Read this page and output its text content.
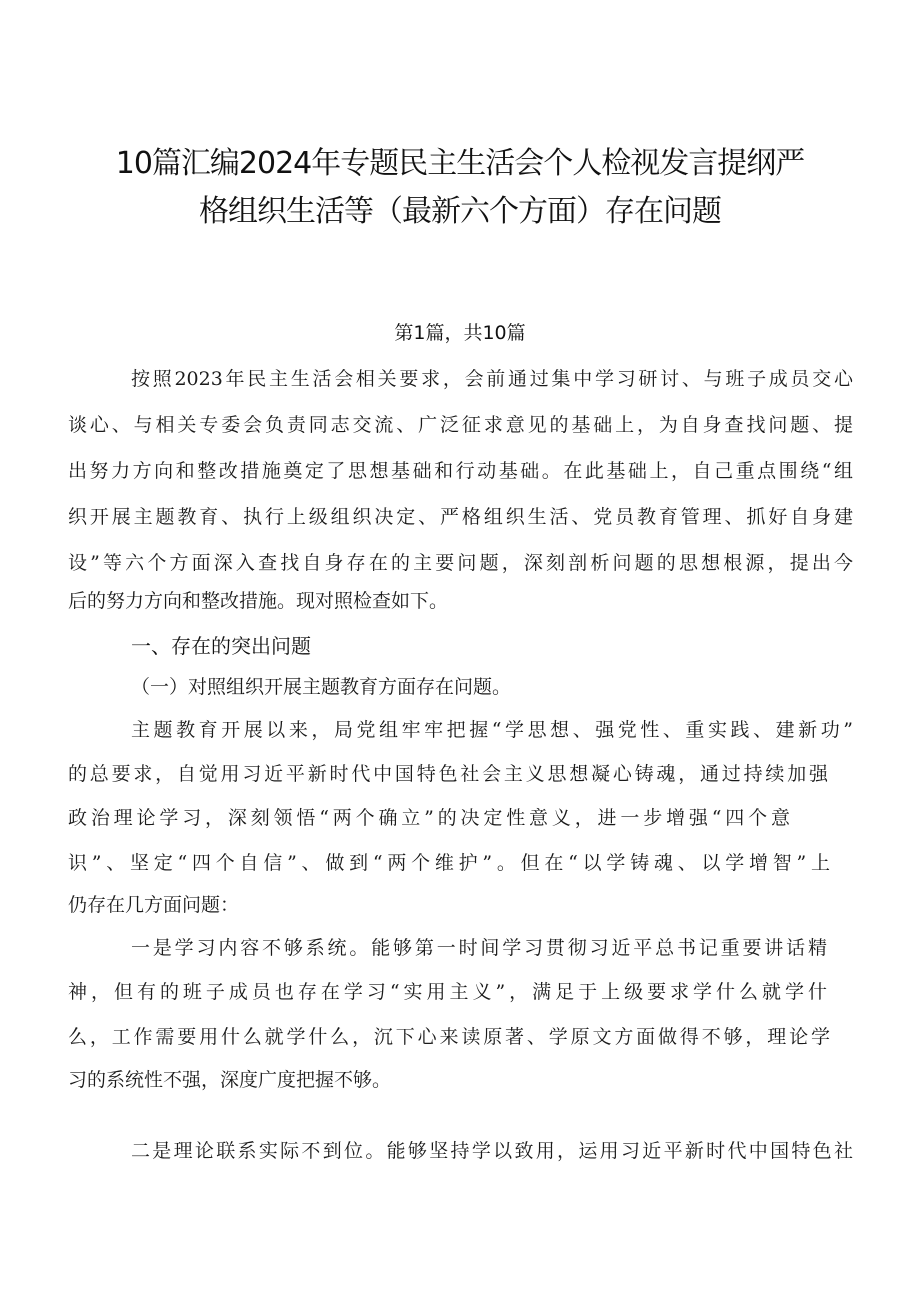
10篇汇编2024年专题民主生活会个人检视发言提纲严
格组织生活等（最新六个方面）存在问题
第1篇，共10篇
按照2023年民主生活会相关要求，会前通过集中学习研讨、与班子成员交心
谈心、与相关专委会负责同志交流、广泛征求意见的基础上，为自身查找问题、提
出努力方向和整改措施奠定了思想基础和行动基础。在此基础上，自己重点围绕“组
织开展主题教育、执行上级组织决定、严格组织生活、党员教育管理、抓好自身建
设”等六个方面深入查找自身存在的主要问题，深刻剖析问题的思想根源，提出今
后的努力方向和整改措施。现对照检查如下。
一、存在的突出问题
（一）对照组织开展主题教育方面存在问题。
主题教育开展以来，局党组牢牢把握“学思想、强党性、重实践、建新功”
的总要求，自觉用习近平新时代中国特色社会主义思想凝心铸魂，通过持续加强
政治理论学习，深刻领悟“两个确立”的决定性意义，进一步增强“四个意
识”、坚定“四个自信”、做到“两个维护”。但在“以学铸魂、以学增智”上
仍存在几方面问题：
一是学习内容不够系统。能够第一时间学习贯彻习近平总书记重要讲话精
神，但有的班子成员也存在学习“实用主义”，满足于上级要求学什么就学什
么，工作需要用什么就学什么，沉下心来读原著、学原文方面做得不够，理论学
习的系统性不强，深度广度把握不够。
二是理论联系实际不到位。能够坚持学以致用，运用习近平新时代中国特色社
